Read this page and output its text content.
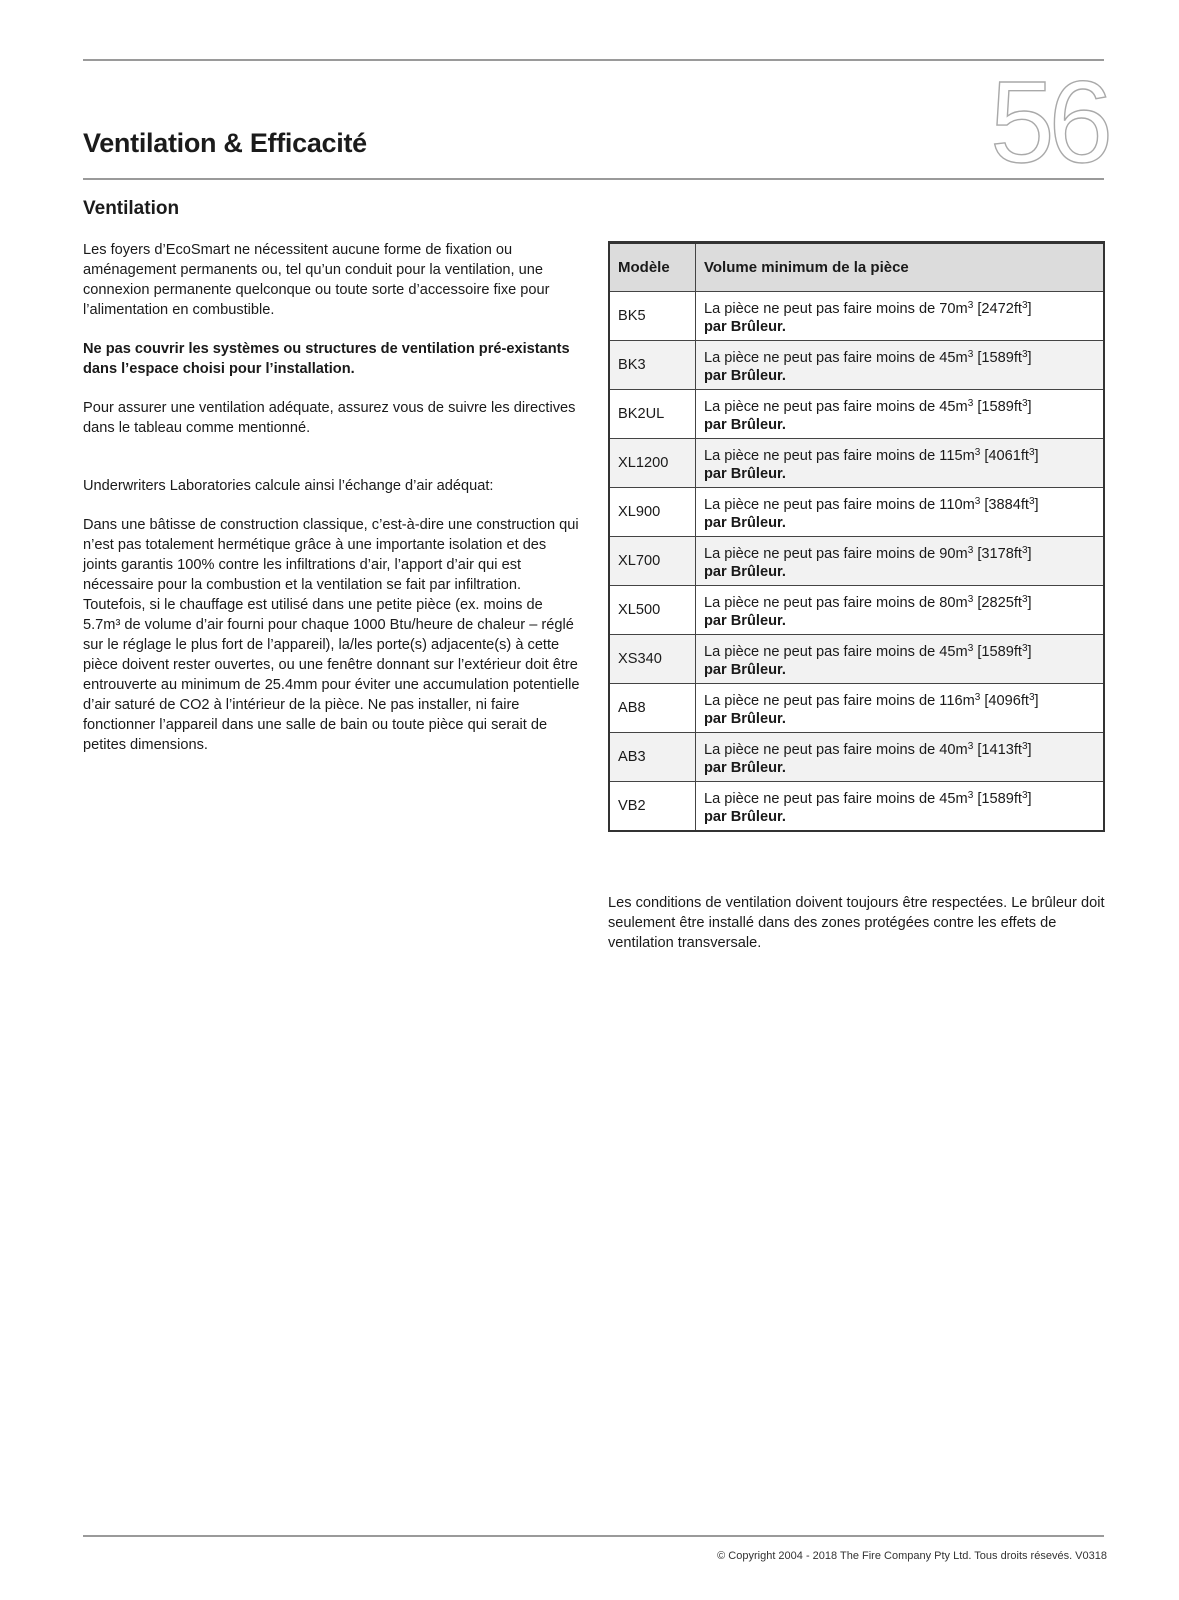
56
Ventilation & Efficacité
Ventilation

Les foyers d’EcoSmart ne nécessitent aucune forme de fixation ou aménagement permanents ou, tel qu’un conduit pour la ventilation, une connexion permanente quelconque ou toute sorte d’accessoire fixe pour l’alimentation en combustible.

Ne pas couvrir les systèmes ou structures de ventilation pré-existants dans l’espace choisi pour l’installation.

Pour assurer une ventilation adéquate, assurez vous de suivre les directives dans le tableau comme mentionné.

Underwriters Laboratories calcule ainsi l’échange d’air adéquat:

Dans une bâtisse de construction classique, c’est-à-dire une construction qui n’est pas totalement hermétique grâce à une importante isolation et des joints garantis 100% contre les infiltrations d’air, l’apport d’air qui est nécessaire pour la combustion et la ventilation se fait par infiltration. Toutefois, si le chauffage est utilisé dans une petite pièce (ex. moins de 5.7m³ de volume d’air fourni pour chaque 1000 Btu/heure de chaleur – réglé sur le réglage le plus fort de l’appareil), la/les porte(s) adjacente(s) à cette pièce doivent rester ouvertes, ou une fenêtre donnant sur l’extérieur doit être entrouverte au minimum de 25.4mm pour éviter une accumulation potentielle d’air saturé de CO2 à l’intérieur de la pièce. Ne pas installer, ni faire fonctionner l’appareil dans une salle de bain ou toute pièce qui serait de petites dimensions.

Modèle	Volume minimum de la pièce
BK5	La pièce ne peut pas faire moins de $70m^3$ $[2472ft^3]$
par Brûleur.

BK3	La pièce ne peut pas faire moins de $45m^3$ $[1589ft^3]$
par Brûleur.

BK2UL	La pièce ne peut pas faire moins de $45m^3$ $[1589ft^3]$
par Brûleur.

XL1200	La pièce ne peut pas faire moins de $115m^3$ $[4061ft^3]$
par Brûleur.

XL900	La pièce ne peut pas faire moins de $110m^3$ $[3884ft^3]$
par Brûleur.

XL700	La pièce ne peut pas faire moins de $90m^3$ $[3178ft^3]$
par Brûleur.

XL500	La pièce ne peut pas faire moins de $80m^3$ $[2825ft^3]$
par Brûleur.

XS340	La pièce ne peut pas faire moins de $45m^3$ $[1589ft^3]$
par Brûleur.

AB8	La pièce ne peut pas faire moins de $116m^3$ $[4096ft^3]$
par Brûleur.

AB3	La pièce ne peut pas faire moins de $40m^3$ $[1413ft^3]$
par Brûleur.

VB2	La pièce ne peut pas faire moins de $45m^3$ $[1589ft^3]$
par Brûleur.
Les conditions de ventilation doivent toujours être respectées. Le brûleur doit seulement être installé dans des zones protégées contre les effets de ventilation transversale.
© Copyright 2004 - 2018 The Fire Company Pty Ltd. Tous droits résevés. V0318
